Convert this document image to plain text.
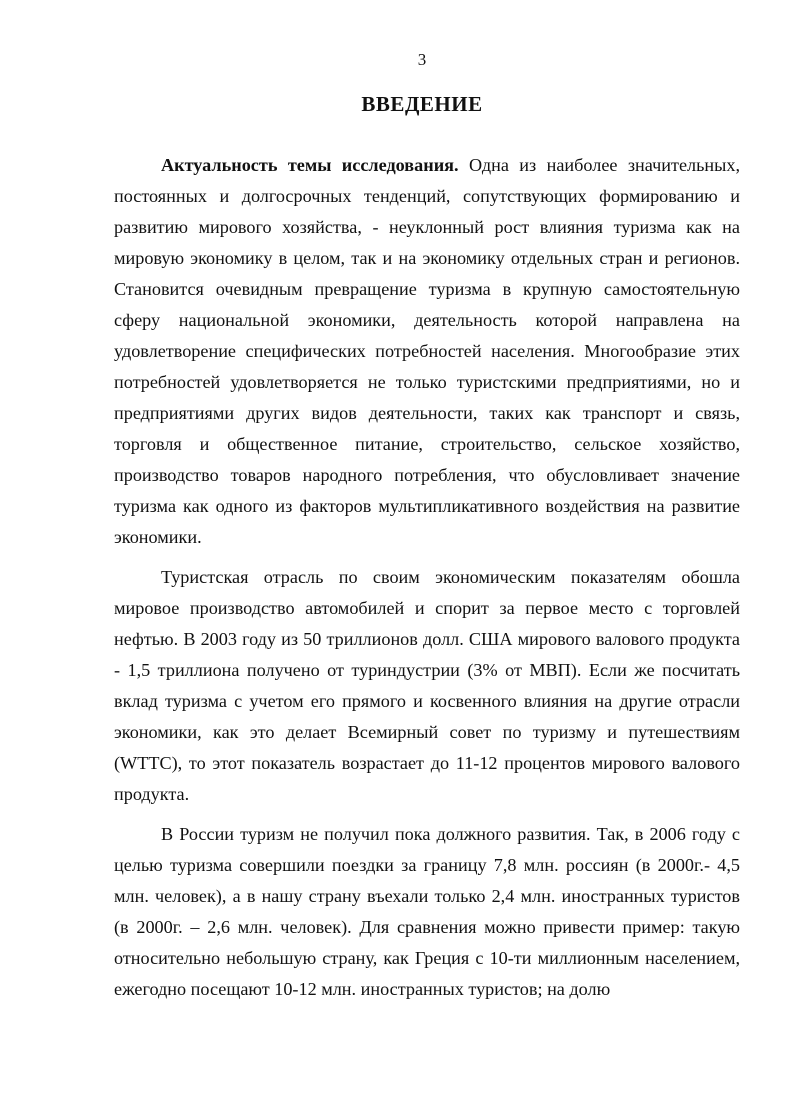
3
ВВЕДЕНИЕ

Актуальность темы исследования. Одна из наиболее значительных, постоянных и долгосрочных тенденций, сопутствующих формированию и развитию мирового хозяйства, - неуклонный рост влияния туризма как на мировую экономику в целом, так и на экономику отдельных стран и регионов. Становится очевидным превращение туризма в крупную самостоятельную сферу национальной экономики, деятельность которой направлена на удовлетворение специфических потребностей населения. Многообразие этих потребностей удовлетворяется не только туристскими предприятиями, но и предприятиями других видов деятельности, таких как транспорт и связь, торговля и общественное питание, строительство, сельское хозяйство, производство товаров народного потребления, что обусловливает значение туризма как одного из факторов мультипликативного воздействия на развитие экономики.

Туристская отрасль по своим экономическим показателям обошла мировое производство автомобилей и спорит за первое место с торговлей нефтью. В 2003 году из 50 триллионов долл. США мирового валового продукта - 1,5 триллиона получено от туриндустрии (3% от МВП). Если же посчитать вклад туризма с учетом его прямого и косвенного влияния на другие отрасли экономики, как это делает Всемирный совет по туризму и путешествиям (WTTC), то этот показатель возрастает до 11-12 процентов мирового валового продукта.

В России туризм не получил пока должного развития. Так, в 2006 году с целью туризма совершили поездки за границу 7,8 млн. россиян (в 2000г.- 4,5 млн. человек), а в нашу страну въехали только 2,4 млн. иностранных туристов (в 2000г. – 2,6 млн. человек). Для сравнения можно привести пример: такую относительно небольшую страну, как Греция с 10-ти миллионным населением, ежегодно посещают 10-12 млн. иностранных туристов; на долю
